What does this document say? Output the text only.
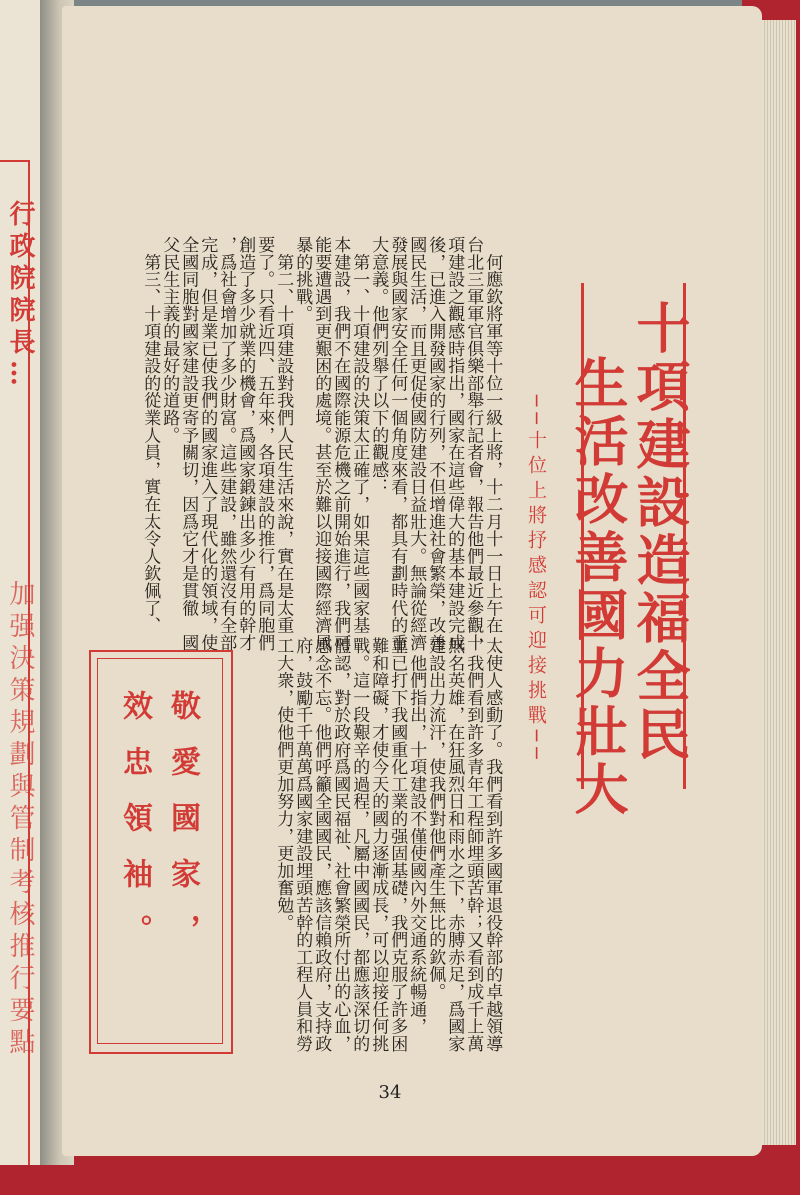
行政院院長…
加强決策規劃與管制考核推行要點
　何應欽將軍等十位一級上將，十二月十一日上午在
台北三軍軍官俱樂部舉行記者會，報告他們最近參觀十
項建設之觀感時指出，國家在這些偉大的基本建設完成
後，已進入開發國家的行列，不但增進社會繁榮，改善
國民生活，而且更促使國防建設日益壯大。無論從經濟
發展與國家安全任何一個角度來看，都具有劃時代的重
大意義。他們列舉了以下的觀感：
　第一、十項建設的決策太正確了，如果這些國家基
本建設，我們不在國際能源危機之前開始進行，我們可
能要遭遇到更艱困的處境。甚至於難以迎接國際經濟風
暴的挑戰。
　第二、十項建設對我們人民生活來說，實在是太重
要了。只看近四、五年來，各項建設的推行，爲同胞們
創造了多少就業的機會，爲國家鍛鍊出多少有用的幹才
，爲社會增加了多少財富。這些建設，雖然還沒有全部
完成，但是業已使我們的國家進入了現代化的領域，使
全國同胞對國家建設更寄予關切，因爲它才是貫徹　國
父民生主義的最好的道路。
　第三、十項建設的從業人員，實在太令人欽佩了、	十項建設造福全民
生活改善國力壯大
──十位上將抒感認可迎接挑戰──
太使人感動了。我們看到許多國軍退役幹部的卓越領導
，我們看到許多青年工程師埋頭苦幹；又看到成千上萬
無名英雄，在狂風烈日和雨水之下，赤膊赤足，爲國家
建設出力流汗，使我們對他們產生無比的欽佩。
　他們指出，十項建設不僅使國內外交通系統暢通，
並已打下我國重化工業的强固基礎，我們克服了許多困
難和障礙，才使今天的國力逐漸成長，可以迎接任何挑
戰。這一段艱辛的過程，凡屬中國國民，都應該深切的
體認，對於政府爲國民福祉、社會繁榮所付出的心血，
感念不忘。他們呼籲全國國民，應該信賴政府，支持政
府，鼓勵千千萬萬爲國家建設埋頭苦幹的工程人員和勞
工大衆，使他們更加努力，更加奮勉。
敬愛國家，
效忠領袖。
34
